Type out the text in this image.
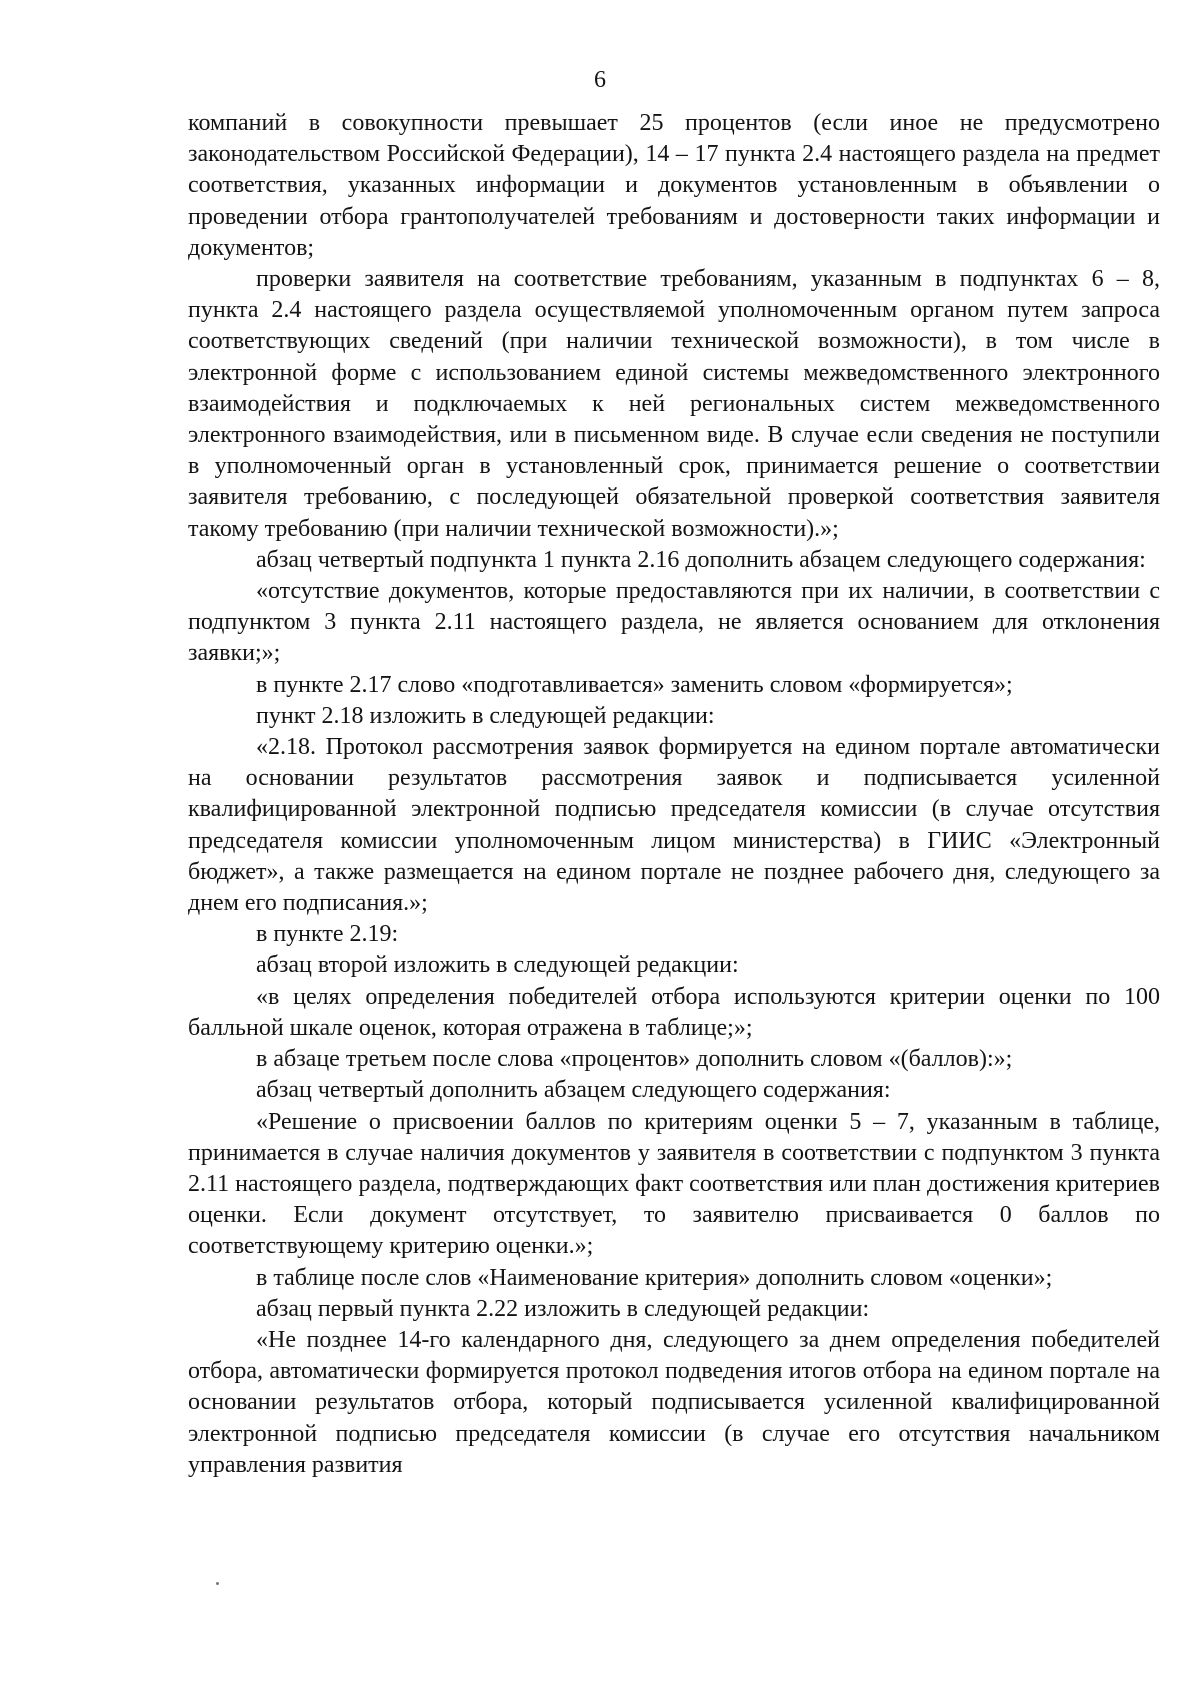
6

компаний в совокупности превышает 25 процентов (если иное не предусмотрено законодательством Российской Федерации), 14 – 17 пункта 2.4 настоящего раздела на предмет соответствия, указанных информации и документов установленным в объявлении о проведении отбора грантополучателей требованиям и достоверности таких информации и документов;

проверки заявителя на соответствие требованиям, указанным в подпунктах 6 – 8, пункта 2.4 настоящего раздела осуществляемой уполномоченным органом путем запроса соответствующих сведений (при наличии технической возможности), в том числе в электронной форме с использованием единой системы межведомственного электронного взаимодействия и подключаемых к ней региональных систем межведомственного электронного взаимодействия, или в письменном виде. В случае если сведения не поступили в уполномоченный орган в установленный срок, принимается решение о соответствии заявителя требованию, с последующей обязательной проверкой соответствия заявителя такому требованию (при наличии технической возможности).»;

абзац четвертый подпункта 1 пункта 2.16 дополнить абзацем следующего содержания:

«отсутствие документов, которые предоставляются при их наличии, в соответствии с подпунктом 3 пункта 2.11 настоящего раздела, не является основанием для отклонения заявки;»;

в пункте 2.17 слово «подготавливается» заменить словом «формируется»;

пункт 2.18 изложить в следующей редакции:

«2.18. Протокол рассмотрения заявок формируется на едином портале автоматически на основании результатов рассмотрения заявок и подписывается усиленной квалифицированной электронной подписью председателя комиссии (в случае отсутствия председателя комиссии уполномоченным лицом министерства) в ГИИС «Электронный бюджет», а также размещается на едином портале не позднее рабочего дня, следующего за днем его подписания.»;

в пункте 2.19:

абзац второй изложить в следующей редакции:

«в целях определения победителей отбора используются критерии оценки по 100 балльной шкале оценок, которая отражена в таблице;»;

в абзаце третьем после слова «процентов» дополнить словом «(баллов):»;

абзац четвертый дополнить абзацем следующего содержания:

«Решение о присвоении баллов по критериям оценки 5 – 7, указанным в таблице, принимается в случае наличия документов у заявителя в соответствии с подпунктом 3 пункта 2.11 настоящего раздела, подтверждающих факт соответствия или план достижения критериев оценки. Если документ отсутствует, то заявителю присваивается 0 баллов по соответствующему критерию оценки.»;

в таблице после слов «Наименование критерия» дополнить словом «оценки»;

абзац первый пункта 2.22 изложить в следующей редакции:

«Не позднее 14-го календарного дня, следующего за днем определения победителей отбора, автоматически формируется протокол подведения итогов отбора на едином портале на основании результатов отбора, который подписывается усиленной квалифицированной электронной подписью председателя комиссии (в случае его отсутствия начальником управления развития
